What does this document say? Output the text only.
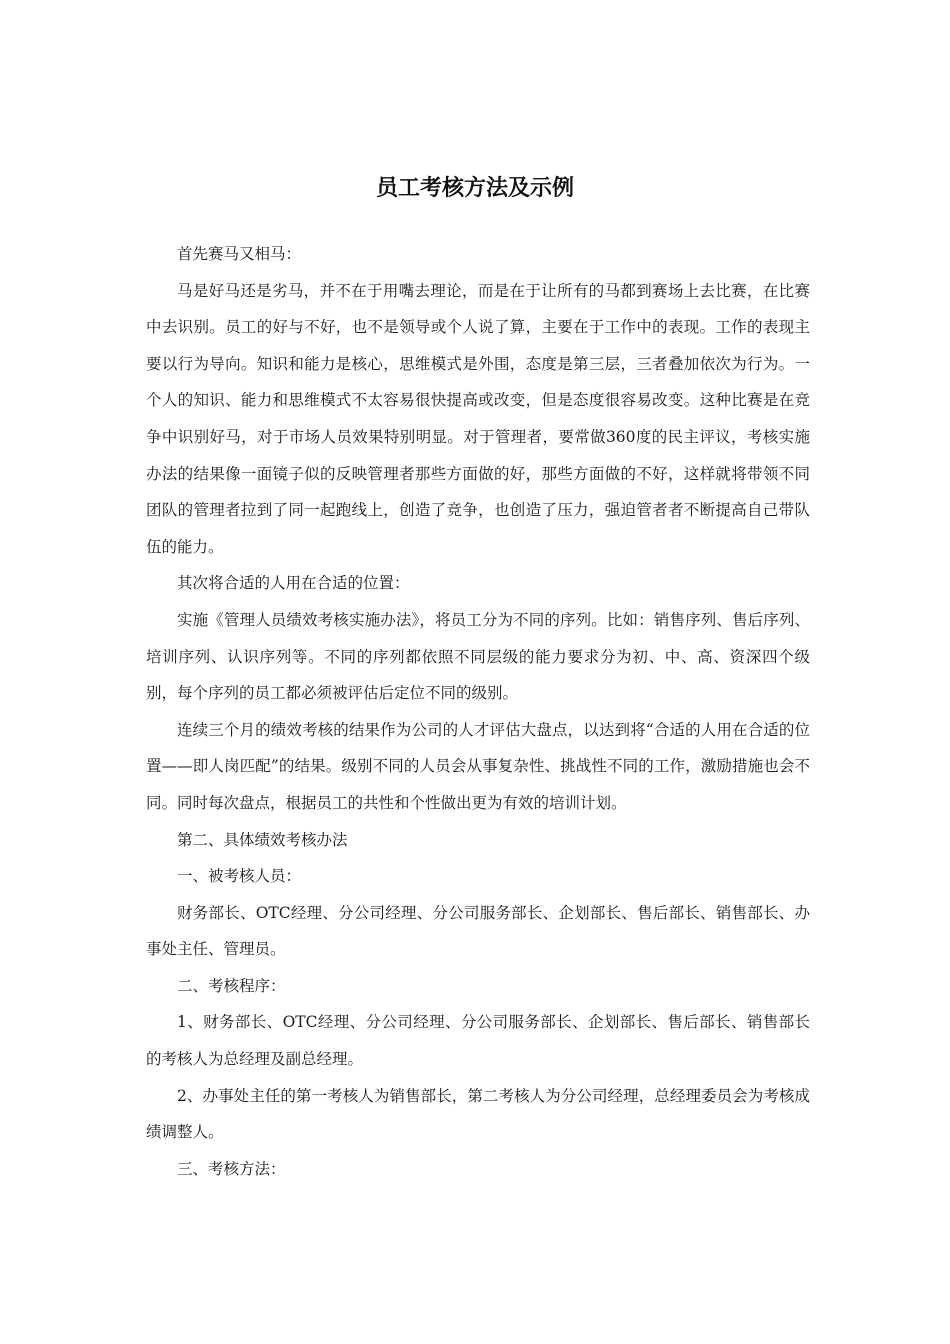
员工考核方法及示例

首先赛马又相马：

马是好马还是劣马，并不在于用嘴去理论，而是在于让所有的马都到赛场上去比赛，在比赛中去识别。员工的好与不好，也不是领导或个人说了算，主要在于工作中的表现。工作的表现主要以行为导向。知识和能力是核心，思维模式是外围，态度是第三层，三者叠加依次为行为。一个人的知识、能力和思维模式不太容易很快提高或改变，但是态度很容易改变。这种比赛是在竞争中识别好马，对于市场人员效果特别明显。对于管理者，要常做360度的民主评议，考核实施办法的结果像一面镜子似的反映管理者那些方面做的好，那些方面做的不好，这样就将带领不同团队的管理者拉到了同一起跑线上，创造了竞争，也创造了压力，强迫管者者不断提高自己带队伍的能力。

其次将合适的人用在合适的位置：

实施《管理人员绩效考核实施办法》，将员工分为不同的序列。比如：销售序列、售后序列、培训序列、认识序列等。不同的序列都依照不同层级的能力要求分为初、中、高、资深四个级别，每个序列的员工都必须被评估后定位不同的级别。

连续三个月的绩效考核的结果作为公司的人才评估大盘点，以达到将“合适的人用在合适的位置——即人岗匹配”的结果。级别不同的人员会从事复杂性、挑战性不同的工作，激励措施也会不同。同时每次盘点，根据员工的共性和个性做出更为有效的培训计划。

第二、具体绩效考核办法

一、被考核人员：

财务部长、OTC经理、分公司经理、分公司服务部长、企划部长、售后部长、销售部长、办事处主任、管理员。

二、考核程序：

1、财务部长、OTC经理、分公司经理、分公司服务部长、企划部长、售后部长、销售部长的考核人为总经理及副总经理。

2、办事处主任的第一考核人为销售部长，第二考核人为分公司经理，总经理委员会为考核成绩调整人。

三、考核方法：
